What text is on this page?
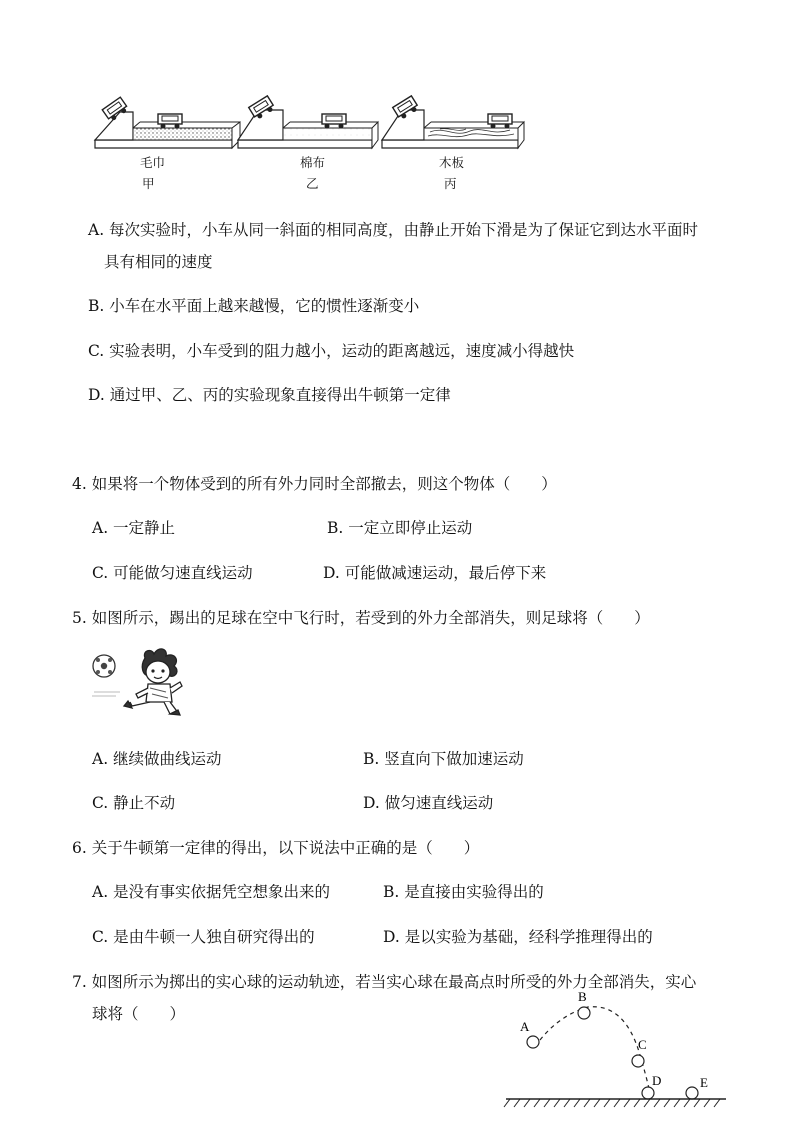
毛巾
甲
棉布
乙
木板
丙
A. 每次实验时，小车从同一斜面的相同高度，由静止开始下滑是为了保证它到达水平面时
具有相同的速度
B. 小车在水平面上越来越慢，它的惯性逐渐变小
C. 实验表明，小车受到的阻力越小，运动的距离越远，速度减小得越快
D. 通过甲、乙、丙的实验现象直接得出牛顿第一定律
4. 如果将一个物体受到的所有外力同时全部撤去，则这个物体（　　）
A. 一定静止	B. 一定立即停止运动
C. 可能做匀速直线运动	D. 可能做减速运动，最后停下来
5. 如图所示，踢出的足球在空中飞行时，若受到的外力全部消失，则足球将（　　）
A. 继续做曲线运动	B. 竖直向下做加速运动
C. 静止不动	D. 做匀速直线运动
6. 关于牛顿第一定律的得出，以下说法中正确的是（　　）
A. 是没有事实依据凭空想象出来的	B. 是直接由实验得出的
C. 是由牛顿一人独自研究得出的	D. 是以实验为基础，经科学推理得出的
7. 如图所示为掷出的实心球的运动轨迹，若当实心球在最高点时所受的外力全部消失，实心
球将（　　）
A
B
C
D	E
